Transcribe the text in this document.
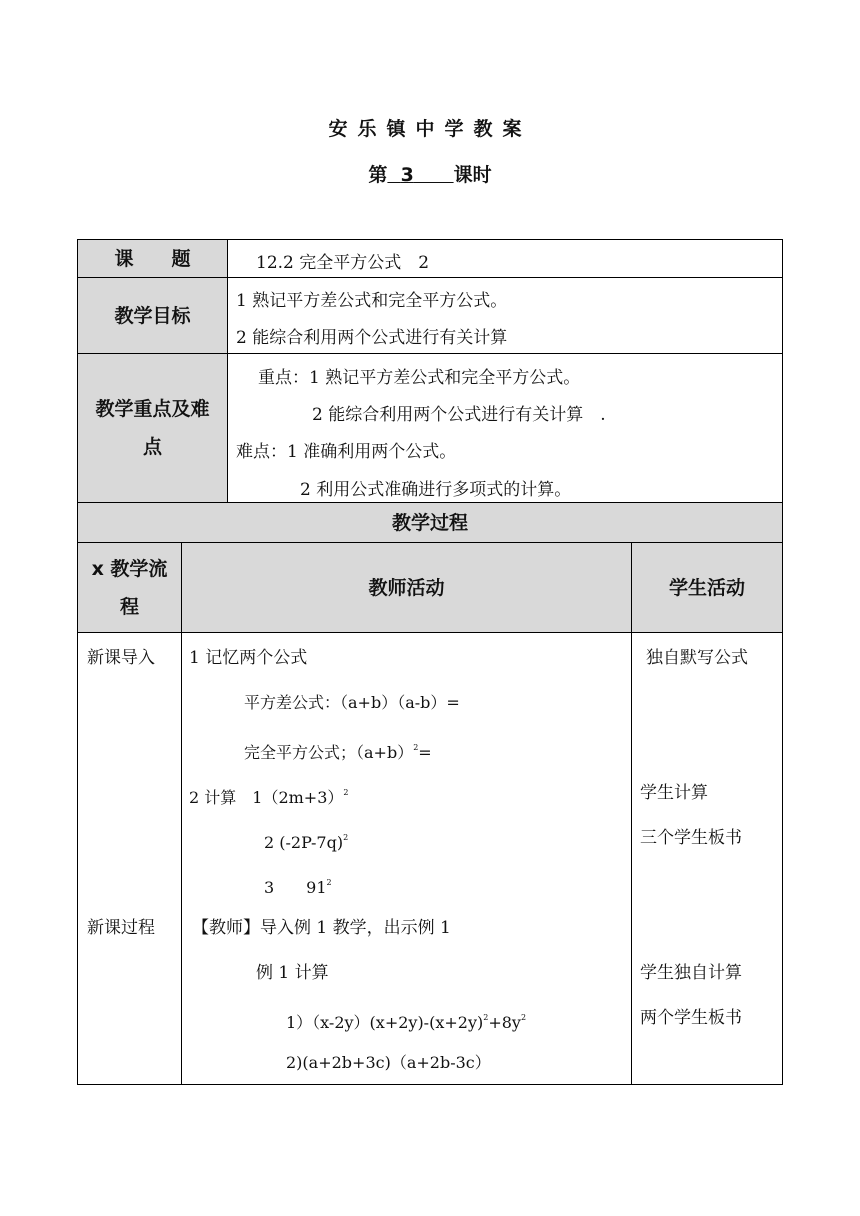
安乐镇中学教案
第 3 课时
课　　题	12.2 完全平方公式　2
教学目标
1 熟记平方差公式和完全平方公式。
2 能综合利用两个公式进行有关计算
教学重点及难
点
重点：1 熟记平方差公式和完全平方公式。
2 能综合利用两个公式进行有关计算　.
难点：1 准确利用两个公式。
2 利用公式准确进行多项式的计算。
教学过程
x 教学流
程
教师活动	学生活动
新课导入
新课过程
1 记忆两个公式
平方差公式：（a+b）（a-b）=
完全平方公式；$(a+b)^2=$
2 计算　$1(2m+3)^2$
2 $(-2P-7q)^2$
3　　$91^2$
【教师】导入例 1 教学，出示例 1
例 1 计算
$1)(x-2y)(x+2y)-(x+2y)^2+8y^2$
2)(a+2b+3c)（a+2b-3c）
独自默写公式
学生计算
三个学生板书
学生独自计算
两个学生板书
